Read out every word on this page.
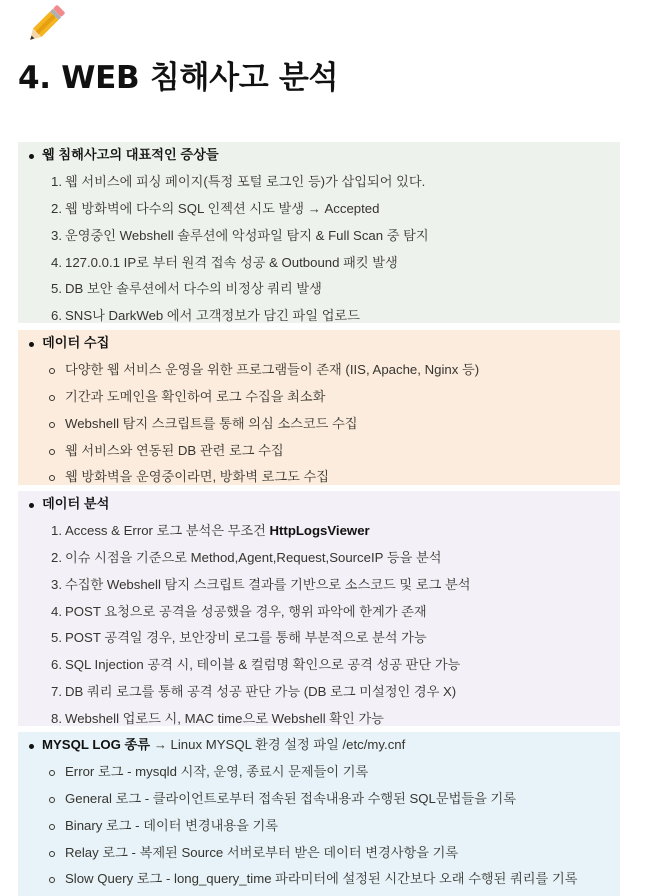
4. WEB 침해사고 분석
웹 침해사고의 대표적인 증상들
1. 웹 서비스에 피싱 페이지(특정 포털 로그인 등)가 삽입되어 있다.
2. 웹 방화벽에 다수의 SQL 인젝션 시도 발생 → Accepted
3. 운영중인 Webshell 솔루션에 악성파일 탐지 & Full Scan 중 탐지
4. 127.0.0.1 IP로 부터 원격 접속 성공 & Outbound 패킷 발생
5. DB 보안 솔루션에서 다수의 비정상 쿼리 발생
6. SNS나 DarkWeb 에서 고객정보가 담긴 파일 업로드
데이터 수집
다양한 웹 서비스 운영을 위한 프로그램들이 존재 (IIS, Apache, Nginx 등)
기간과 도메인을 확인하여 로그 수집을 최소화
Webshell 탐지 스크립트를 통해 의심 소스코드 수집
웹 서비스와 연동된 DB 관련 로그 수집
웹 방화벽을 운영중이라면, 방화벽 로그도 수집
데이터 분석
1. Access & Error 로그 분석은 무조건 HttpLogsViewer
2. 이슈 시점을 기준으로 Method,Agent,Request,SourceIP 등을 분석
3. 수집한 Webshell 탐지 스크립트 결과를 기반으로 소스코드 및 로그 분석
4. POST 요청으로 공격을 성공했을 경우, 행위 파악에 한계가 존재
5. POST 공격일 경우, 보안장비 로그를 통해 부분적으로 분석 가능
6. SQL Injection 공격 시, 테이블 & 컬럼명 확인으로 공격 성공 판단 가능
7. DB 쿼리 로그를 통해 공격 성공 판단 가능 (DB 로그 미설정인 경우 X)
8. Webshell 업로드 시, MAC time으로 Webshell 확인 가능
MYSQL LOG 종류 → Linux MYSQL 환경 설정 파일 /etc/my.cnf
Error 로그 - mysqld 시작, 운영, 종료시 문제들이 기록
General 로그 - 클라이언트로부터 접속된 접속내용과 수행된 SQL문법들을 기록
Binary 로그 - 데이터 변경내용을 기록
Relay 로그 - 복제된 Source 서버로부터 받은 데이터 변경사항을 기록
Slow Query 로그 - long_query_time 파라미터에 설정된 시간보다 오래 수행된 쿼리를 기록
